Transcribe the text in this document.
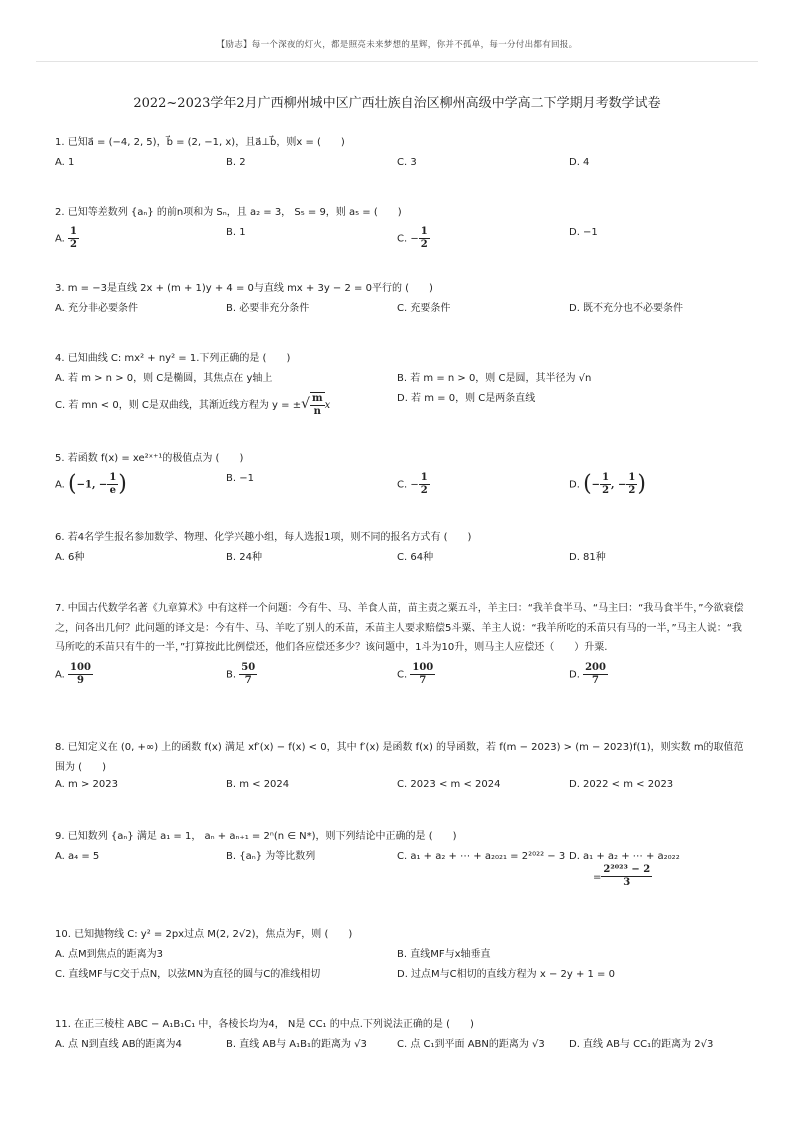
【励志】每一个深夜的灯火，都是照亮未来梦想的星辉，你并不孤单，每一分付出都有回报。
2022~2023学年2月广西柳州城中区广西壮族自治区柳州高级中学高二下学期月考数学试卷
1. 已知a⃗ = (−4, 2, 5)，b⃗ = (2, −1, x)，且a⃗⊥b⃗，则x = (　　)
A. 1	B. 2	C. 3	D. 4
2. 已知等差数列 {aₙ} 的前n项和为 Sₙ，且 a₂ = 3， S₅ = 9，则 a₅ = (　　)
A. $\frac{1}{2}$	B. 1
C. − $\frac{1}{2}$	D. −1
3. m = −3是直线 2x + (m + 1)y + 4 = 0与直线 mx + 3y − 2 = 0平行的 (　　)
A. 充分非必要条件	B. 必要非充分条件	C. 充要条件	D. 既不充分也不必要条件
4. 已知曲线 C: mx² + ny² = 1.下列正确的是 (　　)
A. 若 m > n > 0，则 C是椭圆，其焦点在 y轴上	B. 若 m = n > 0，则 C是圆，其半径为 √n
C. 若 mn < 0，则 C是双曲线，其渐近线方程为 y = ±√ $\frac{m}{n}$ x
D. 若 m = 0，则 C是两条直线
5. 若函数 f(x) = xe²ˣ⁺¹的极值点为 (　　)
A. (−1, − $\frac{1}{e}$ )	B. −1
C. − $\frac{1}{2}$	D. (− $\frac{1}{2}$ , − $\frac{1}{2}$ )
6. 若4名学生报名参加数学、物理、化学兴趣小组，每人选报1项，则不同的报名方式有 (　　)
A. 6种	B. 24种	C. 64种	D. 81种
7. 中国古代数学名著《九章算术》中有这样一个问题：今有牛、马、羊食人苗，苗主责之粟五斗，羊主曰：“我羊食半马、“马主曰：“我马食半牛，”今欲衰偿之，问各出几何？此问题的译文是：今有牛、马、羊吃了别人的禾苗，禾苗主人要求赔偿5斗粟、羊主人说：“我羊所吃的禾苗只有马的一半，”马主人说：“我马所吃的禾苗只有牛的一半，”打算按此比例偿还，他们各应偿还多少？该问题中，1斗为10升，则马主人应偿还（　　）升粟.
A. $\frac{100}{9}$	B. $\frac{50}{7}$	C. $\frac{100}{7}$	D. $\frac{200}{7}$
8. 已知定义在 (0, +∞) 上的函数 f(x) 满足 xf′(x) − f(x) < 0，其中 f′(x) 是函数 f(x) 的导函数，若 f(m − 2023) > (m − 2023)f(1)，则实数 m的取值范围为 (　　)
A. m > 2023	B. m < 2024	C. 2023 < m < 2024	D. 2022 < m < 2023
9. 已知数列 {aₙ} 满足 a₁ = 1， aₙ + aₙ₊₁ = 2ⁿ(n ∈ N*)，则下列结论中正确的是 (　　)
A. a₄ = 5	B. {aₙ} 为等比数列	C. a₁ + a₂ + ⋯ + a₂₀₂₁ = 2²⁰²² − 3 D. a₁ + a₂ + ⋯ + a₂₀₂₂
= $\frac{\text{2²⁰²³ − 2}}{3}$
10. 已知抛物线 C: y² = 2px过点 M(2, 2√2)，焦点为F，则 (　　)
A. 点M到焦点的距离为3	B. 直线MF与x轴垂直
C. 直线MF与C交于点N，以弦MN为直径的圆与C的准线相切	D. 过点M与C相切的直线方程为 x − 2y + 1 = 0
11. 在正三棱柱 ABC − A₁B₁C₁ 中，各棱长均为4， N是 CC₁ 的中点.下列说法正确的是 (　　)
A. 点 N到直线 AB的距离为4	B. 直线 AB与 A₁B₁的距离为 √3	C. 点 C₁到平面 ABN的距离为 √3 D. 直线 AB与 CC₁的距离为 2√3
